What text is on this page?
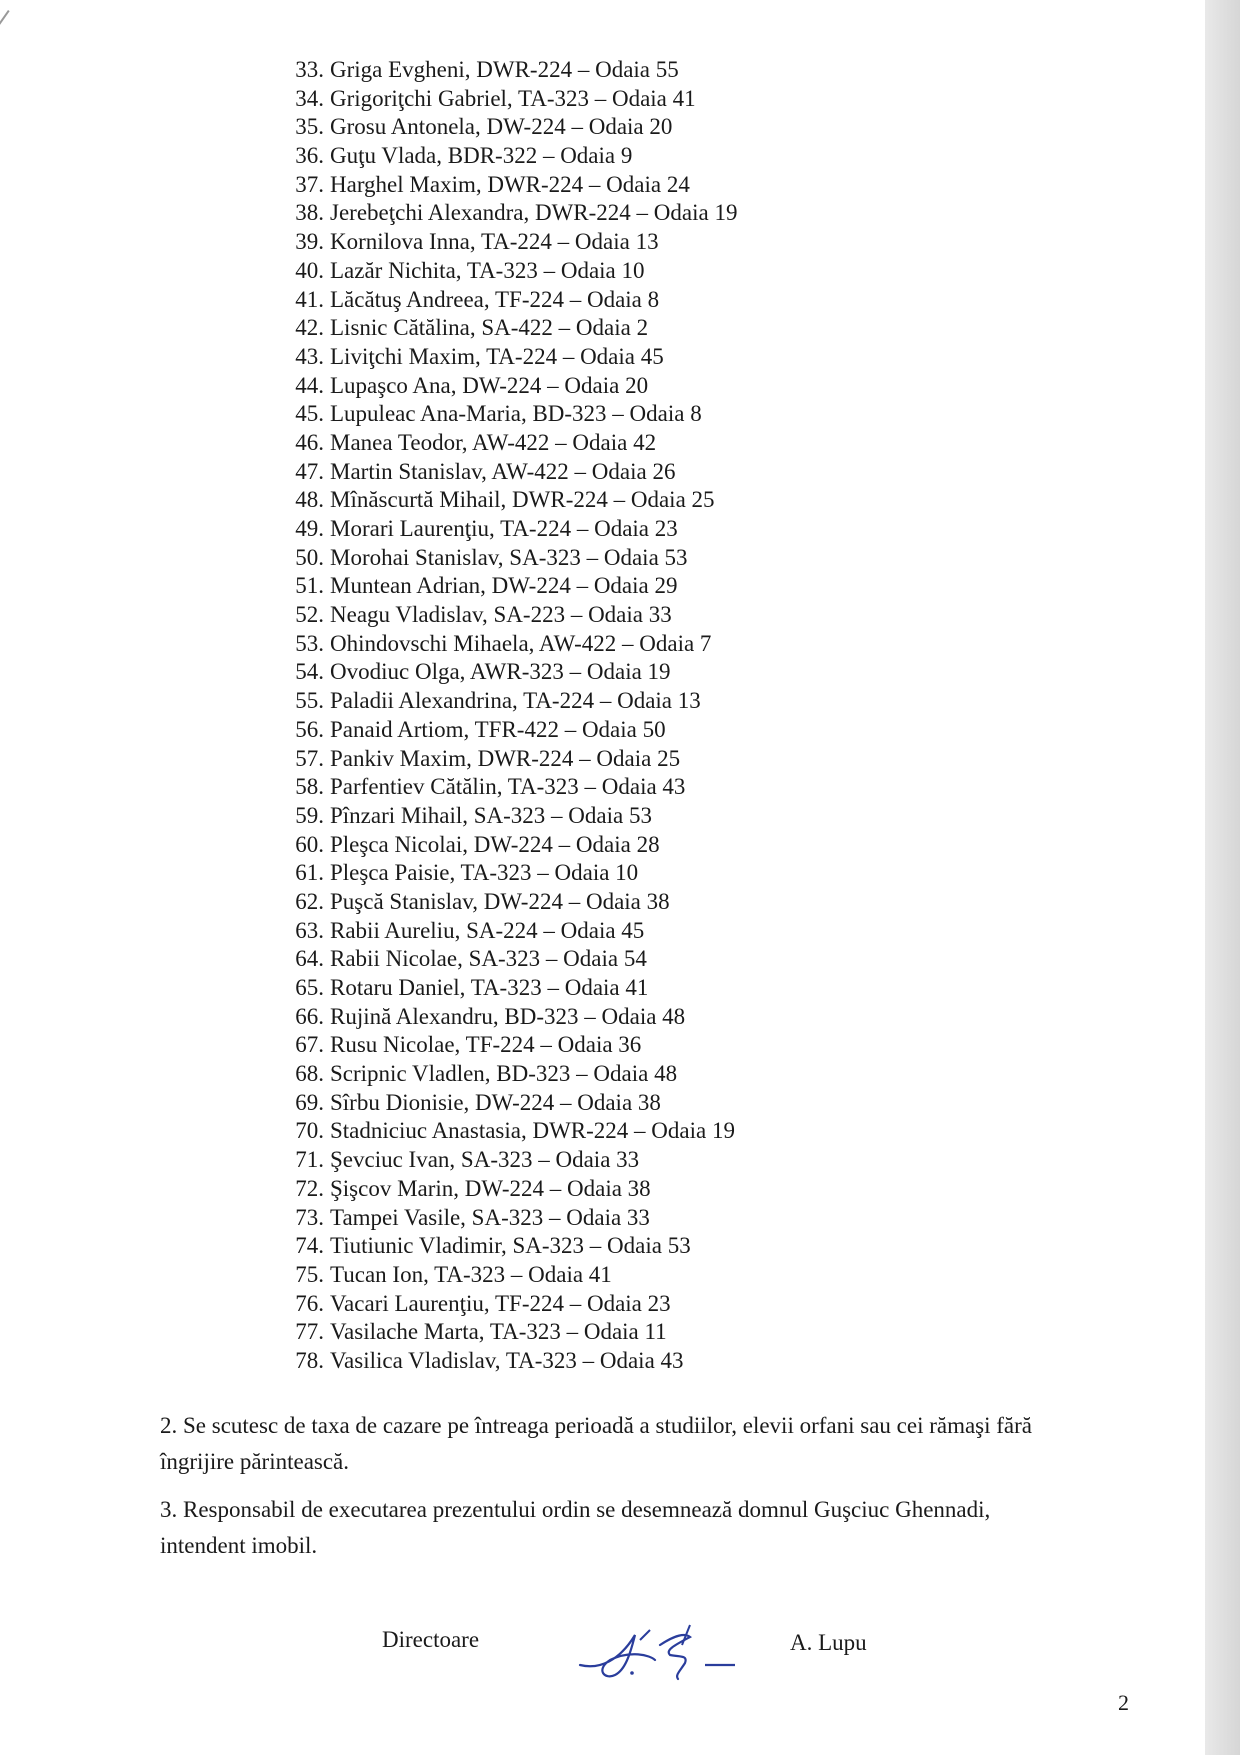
33. Griga Evgheni, DWR-224 – Odaia 55
34. Grigoriţchi Gabriel, TA-323 – Odaia 41
35. Grosu Antonela, DW-224 – Odaia 20
36. Guţu Vlada, BDR-322 – Odaia 9
37. Harghel Maxim, DWR-224 – Odaia 24
38. Jerebeţchi Alexandra, DWR-224 – Odaia 19
39. Kornilova Inna, TA-224 – Odaia 13
40. Lazăr Nichita, TA-323 – Odaia 10
41. Lăcătuş Andreea, TF-224 – Odaia 8
42. Lisnic Cătălina, SA-422 – Odaia 2
43. Liviţchi Maxim, TA-224 – Odaia 45
44. Lupaşco Ana, DW-224 – Odaia 20
45. Lupuleac Ana-Maria, BD-323 – Odaia 8
46. Manea Teodor, AW-422 – Odaia 42
47. Martin Stanislav, AW-422 – Odaia 26
48. Mînăscurtă Mihail, DWR-224 – Odaia 25
49. Morari Laurenţiu, TA-224 – Odaia 23
50. Morohai Stanislav, SA-323 – Odaia 53
51. Muntean Adrian, DW-224 – Odaia 29
52. Neagu Vladislav, SA-223 – Odaia 33
53. Ohindovschi Mihaela, AW-422 – Odaia 7
54. Ovodiuc Olga, AWR-323 – Odaia 19
55. Paladii Alexandrina, TA-224 – Odaia 13
56. Panaid Artiom, TFR-422 – Odaia 50
57. Pankiv Maxim, DWR-224 – Odaia 25
58. Parfentiev Cătălin, TA-323 – Odaia 43
59. Pînzari Mihail, SA-323 – Odaia 53
60. Pleşca Nicolai, DW-224 – Odaia 28
61. Pleşca Paisie, TA-323 – Odaia 10
62. Puşcă Stanislav, DW-224 – Odaia 38
63. Rabii Aureliu, SA-224 – Odaia 45
64. Rabii Nicolae, SA-323 – Odaia 54
65. Rotaru Daniel, TA-323 – Odaia 41
66. Rujină Alexandru, BD-323 – Odaia 48
67. Rusu Nicolae, TF-224 – Odaia 36
68. Scripnic Vladlen, BD-323 – Odaia 48
69. Sîrbu Dionisie, DW-224 – Odaia 38
70. Stadniciuc Anastasia, DWR-224 – Odaia 19
71. Şevciuc Ivan, SA-323 – Odaia 33
72. Şişcov Marin, DW-224 – Odaia 38
73. Tampei Vasile, SA-323 – Odaia 33
74. Tiutiunic Vladimir, SA-323 – Odaia 53
75. Tucan Ion, TA-323 – Odaia 41
76. Vacari Laurenţiu, TF-224 – Odaia 23
77. Vasilache Marta, TA-323 – Odaia 11
78. Vasilica Vladislav, TA-323 – Odaia 43
2. Se scutesc de taxa de cazare pe întreaga perioadă a studiilor, elevii orfani sau cei rămaşi fără îngrijire părintească.
3. Responsabil de executarea prezentului ordin se desemnează domnul Guşciuc Ghennadi, intendent imobil.
Directoare	A. Lupu
2
